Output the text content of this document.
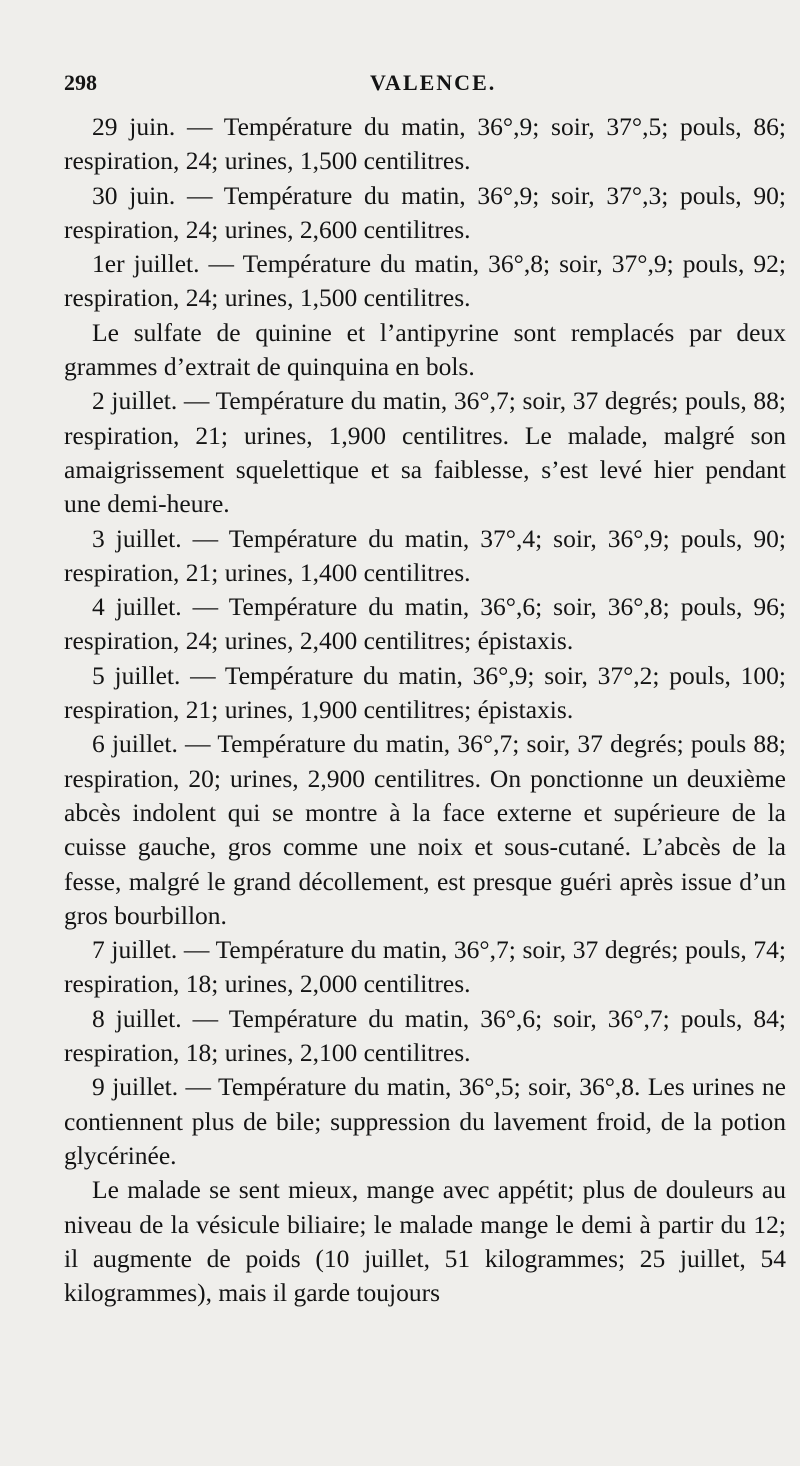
298	VALENCE.

29 juin. — Température du matin, 36°,9; soir, 37°,5; pouls, 86; respiration, 24; urines, 1,500 centilitres.

30 juin. — Température du matin, 36°,9; soir, 37°,3; pouls, 90; respiration, 24; urines, 2,600 centilitres.

1er juillet. — Température du matin, 36°,8; soir, 37°,9; pouls, 92; respiration, 24; urines, 1,500 centilitres.

Le sulfate de quinine et l’antipyrine sont remplacés par deux grammes d’extrait de quinquina en bols.

2 juillet. — Température du matin, 36°,7; soir, 37 degrés; pouls, 88; respiration, 21; urines, 1,900 centilitres. Le malade, malgré son amaigrissement squelettique et sa faiblesse, s’est levé hier pendant une demi-heure.

3 juillet. — Température du matin, 37°,4; soir, 36°,9; pouls, 90; respiration, 21; urines, 1,400 centilitres.

4 juillet. — Température du matin, 36°,6; soir, 36°,8; pouls, 96; respiration, 24; urines, 2,400 centilitres; épistaxis.

5 juillet. — Température du matin, 36°,9; soir, 37°,2; pouls, 100; respiration, 21; urines, 1,900 centilitres; épistaxis.

6 juillet. — Température du matin, 36°,7; soir, 37 degrés; pouls 88; respiration, 20; urines, 2,900 centilitres. On ponctionne un deuxième abcès indolent qui se montre à la face externe et supérieure de la cuisse gauche, gros comme une noix et sous-cutané. L’abcès de la fesse, malgré le grand décollement, est presque guéri après issue d’un gros bourbillon.

7 juillet. — Température du matin, 36°,7; soir, 37 degrés; pouls, 74; respiration, 18; urines, 2,000 centilitres.

8 juillet. — Température du matin, 36°,6; soir, 36°,7; pouls, 84; respiration, 18; urines, 2,100 centilitres.

9 juillet. — Température du matin, 36°,5; soir, 36°,8. Les urines ne contiennent plus de bile; suppression du lavement froid, de la potion glycérinée.

Le malade se sent mieux, mange avec appétit; plus de douleurs au niveau de la vésicule biliaire; le malade mange le demi à partir du 12; il augmente de poids (10 juillet, 51 kilogrammes; 25 juillet, 54 kilogrammes), mais il garde toujours
